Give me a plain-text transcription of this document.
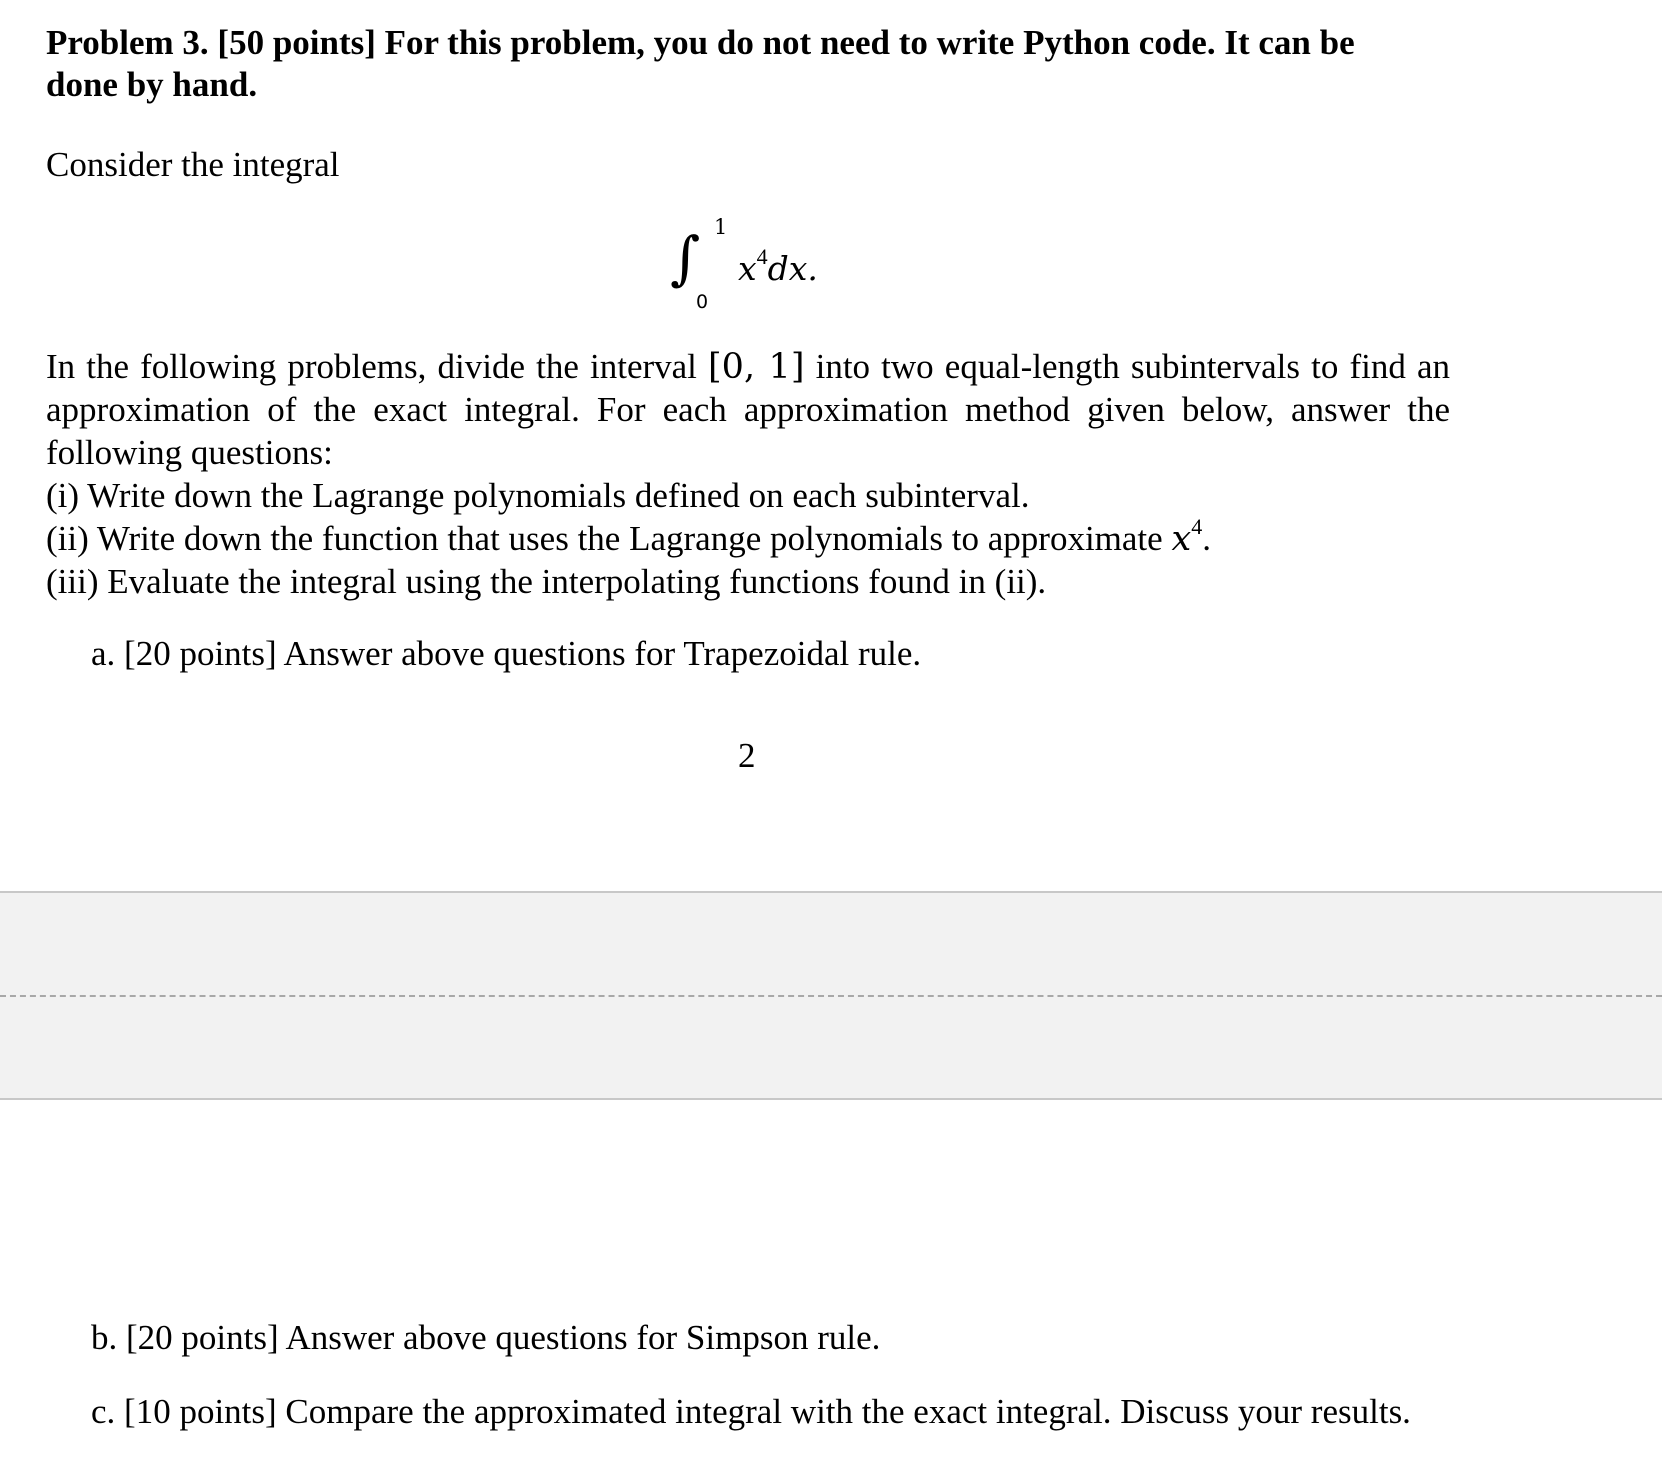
Problem 3. [50 points] For this problem, you do not need to write Python code. It can be
done by hand.
Consider the integral
∫ 1
0
$x^4dx$.
In the following problems, divide the interval [0, 1] into two equal-length subintervals to find an
approximation of the exact integral. For each approximation method given below, answer the
following questions:
(i) Write down the Lagrange polynomials defined on each subinterval.
(ii) Write down the function that uses the Lagrange polynomials to approximate $x^4$.
(iii) Evaluate the integral using the interpolating functions found in (ii).
a. [20 points] Answer above questions for Trapezoidal rule.
2
b. [20 points] Answer above questions for Simpson rule.
c. [10 points] Compare the approximated integral with the exact integral. Discuss your results.
